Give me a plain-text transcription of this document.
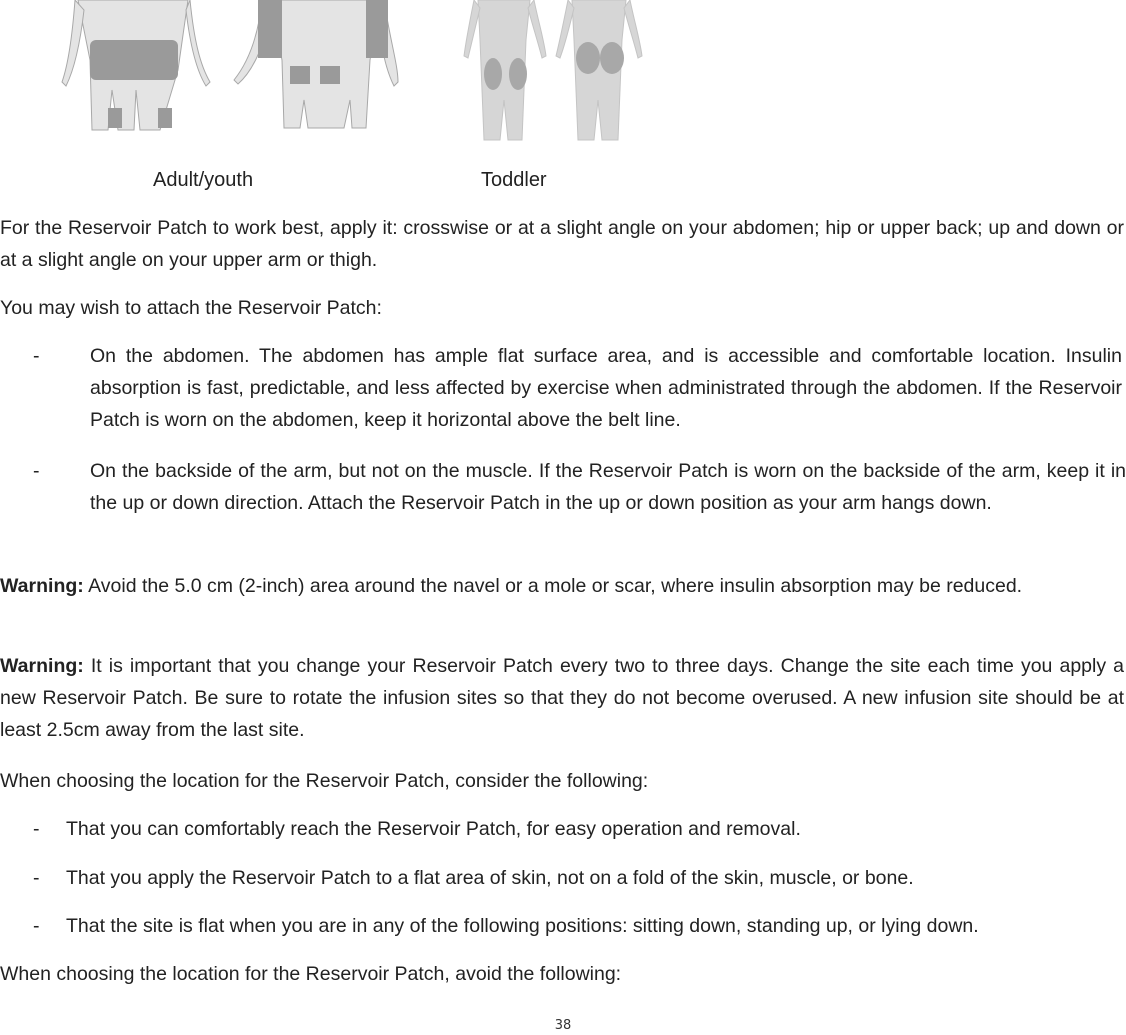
Adult/youth	Toddler
For the Reservoir Patch to work best, apply it: crosswise or at a slight angle on your abdomen; hip or upper back; up and down or at a slight angle on your upper arm or thigh.
You may wish to attach the Reservoir Patch:
-	On the abdomen. The abdomen has ample flat surface area, and is accessible and comfortable location. Insulin absorption is fast, predictable, and less affected by exercise when administrated through the abdomen. If the Reservoir Patch is worn on the abdomen, keep it horizontal above the belt line.
-	On the backside of the arm, but not on the muscle. If the Reservoir Patch is worn on the backside of the arm, keep it in the up or down direction. Attach the Reservoir Patch in the up or down position as your arm hangs down.
Warning: Avoid the 5.0 cm (2-inch) area around the navel or a mole or scar, where insulin absorption may be reduced.
Warning: It is important that you change your Reservoir Patch every two to three days. Change the site each time you apply a new Reservoir Patch. Be sure to rotate the infusion sites so that they do not become overused. A new infusion site should be at least 2.5cm away from the last site.
When choosing the location for the Reservoir Patch, consider the following:
- That you can comfortably reach the Reservoir Patch, for easy operation and removal.
- That you apply the Reservoir Patch to a flat area of skin, not on a fold of the skin, muscle, or bone.
- That the site is flat when you are in any of the following positions: sitting down, standing up, or lying down.
When choosing the location for the Reservoir Patch, avoid the following:
38
